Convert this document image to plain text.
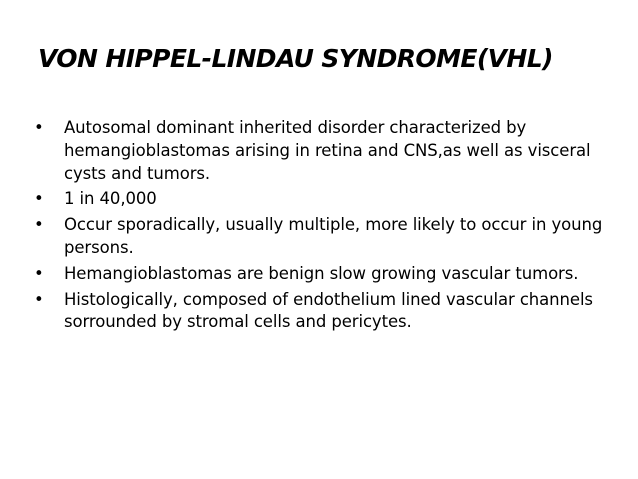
VON HIPPEL-LINDAU SYNDROME(VHL)
•	Autosomal dominant inherited disorder characterized by hemangioblastomas arising in retina and CNS,as well as visceral cysts and tumors.
•	1 in 40,000
•	Occur sporadically, usually multiple, more likely to occur in young persons.
•	Hemangioblastomas are benign slow growing vascular tumors.
•	Histologically, composed of endothelium lined vascular channels sorrounded by stromal cells and pericytes.
